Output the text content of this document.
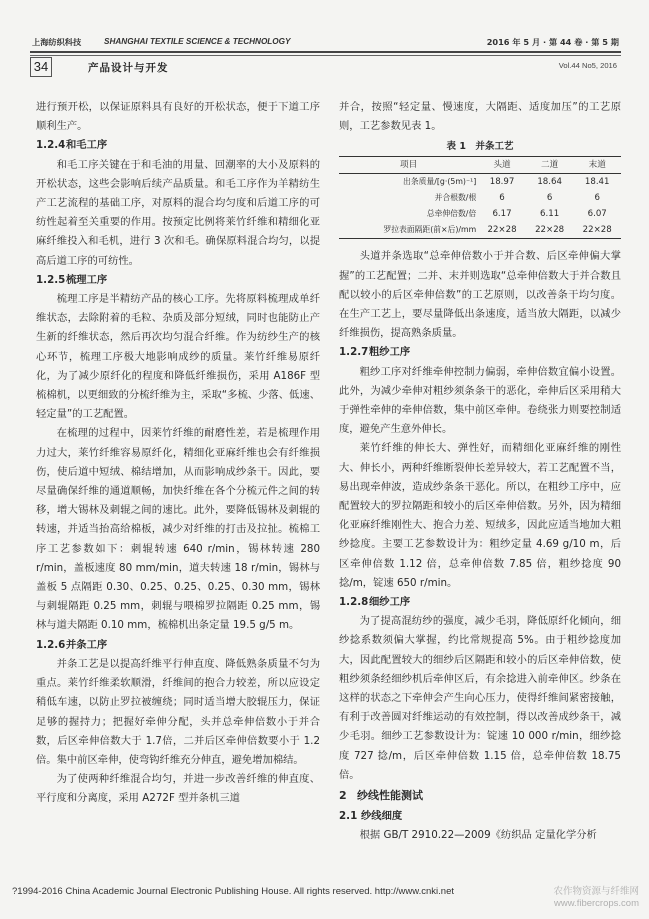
上海纺织科技	SHANGHAI TEXTILE SCIENCE & TECHNOLOGY	2016 年 5 月 · 第 44 卷 · 第 5 期
34	产品设计与开发	Vol.44 No5, 2016

进行预开松，以保证原料具有良好的开松状态，便于下道工序顺利生产。

1.2.4和毛工序

和毛工序关键在于和毛油的用量、回潮率的大小及原料的开松状态，这些会影响后续产品质量。和毛工序作为羊精纺生产工艺流程的基础工序，对原料的混合均匀度和后道工序的可纺性起着至关重要的作用。按预定比例将莱竹纤维和精细化亚麻纤维投入和毛机，进行 3 次和毛。确保原料混合均匀，以提高后道工序的可纺性。

1.2.5梳理工序

梳理工序是半精纺产品的核心工序。先将原料梳理成单纤维状态，去除附着的毛粒、杂质及部分短绒，同时也能防止产生新的纤维状态，然后再次均匀混合纤维。作为纺纱生产的核心环节，梳理工序极大地影响成纱的质量。莱竹纤维易原纤化，为了减少原纤化的程度和降低纤维损伤，采用 A186F 型梳棉机，以更细致的分梳纤维为主，采取“多梳、少落、低速、轻定量”的工艺配置。

在梳理的过程中，因莱竹纤维的耐磨性差，若是梳理作用力过大，莱竹纤维容易原纤化，精细化亚麻纤维也会有纤维损伤，使后道中短绒、棉结增加，从而影响成纱条干。因此，要尽量确保纤维的通道顺畅，加快纤维在各个分梳元件之间的转移，增大锡林及刺辊之间的速比。此外，要降低锡林及刺辊的转速，并适当抬高给棉板，减少对纤维的打击及拉扯。梳棉工序工艺参数如下：刺辊转速 640 r/min，锡林转速 280 r/min，盖板速度 80 mm/min，道夫转速 18 r/min，锡林与盖板 5 点隔距 0.30、0.25、0.25、0.25、0.30 mm，锡林与刺辊隔距 0.25 mm，刺辊与喂棉罗拉隔距 0.25 mm，锡林与道夫隔距 0.10 mm，梳棉机出条定量 19.5 g/5 m。

1.2.6并条工序

并条工艺是以提高纤维平行伸直度、降低熟条质量不匀为重点。莱竹纤维柔软顺滑，纤维间的抱合力较差，所以应设定稍低车速，以防止罗拉被缠绕；同时适当增大胶辊压力，保证足够的握持力；把握好牵伸分配，头并总牵伸倍数小于并合数，后区牵伸倍数大于 1.7倍，二并后区牵伸倍数要小于 1.2 倍。集中前区牵伸，使弯钩纤维充分伸直，避免增加棉结。

为了使两种纤维混合均匀，并进一步改善纤维的伸直度、平行度和分离度，采用 A272F 型并条机三道

并合，按照“轻定量、慢速度，大隔距、适度加压”的工艺原则，工艺参数见表 1。

表 1　并条工艺
项目	头道	二道	末道
出条质量/[g·(5m)⁻¹]	18.97	18.64	18.41
并合根数/根	6	6	6
总牵伸倍数/倍	6.17	6.11	6.07
罗拉表面隔距(前×后)/mm	22×28	22×28	22×28

头道并条选取“总牵伸倍数小于并合数、后区牵伸偏大掌握”的工艺配置；二并、末并则选取“总牵伸倍数大于并合数且配以较小的后区牵伸倍数”的工艺原则，以改善条干均匀度。在生产工艺上，要尽量降低出条速度，适当放大隔距，以减少纤维损伤，提高熟条质量。

1.2.7粗纱工序

粗纱工序对纤维牵伸控制力偏弱，牵伸倍数宜偏小设置。此外，为减少牵伸对粗纱须条条干的恶化，牵伸后区采用稍大于弹性牵伸的牵伸倍数，集中前区牵伸。卷绕张力则要控制适度，避免产生意外伸长。

莱竹纤维的伸长大、弹性好，而精细化亚麻纤维的刚性大、伸长小，两种纤维断裂伸长差异较大，若工艺配置不当，易出现牵伸波，造成纱条条干恶化。所以，在粗纱工序中，应配置较大的罗拉隔距和较小的后区牵伸倍数。另外，因为精细化亚麻纤维刚性大、抱合力差、短绒多，因此应适当地加大粗纱捻度。主要工艺参数设计为：粗纱定量 4.69 g/10 m，后区牵伸倍数 1.12 倍，总牵伸倍数 7.85 倍，粗纱捻度 90 捻/m，锭速 650 r/min。

1.2.8细纱工序

为了提高混纺纱的强度，减少毛羽，降低原纤化倾向，细纱捻系数须偏大掌握，约比常规提高 5%。由于粗纱捻度加大，因此配置较大的细纱后区隔距和较小的后区牵伸倍数，使粗纱须条经细纱机后牵伸区后，有余捻进入前牵伸区。纱条在这样的状态之下牵伸会产生向心压力，使得纤维间紧密接触，有利于改善圆对纤维运动的有效控制，得以改善成纱条干，减少毛羽。细纱工艺参数设计为：锭速 10 000 r/min，细纱捻度 727 捻/m，后区牵伸倍数 1.15 倍，总牵伸倍数 18.75 倍。

2 纱线性能测试
2.1 纱线细度

根据 GB/T 2910.22—2009《纺织品 定量化学分析

?1994-2016 China Academic Journal Electronic Publishing House. All rights reserved. http://www.cnki.net	农作物资源与纤维网
www.fibercrops.com
